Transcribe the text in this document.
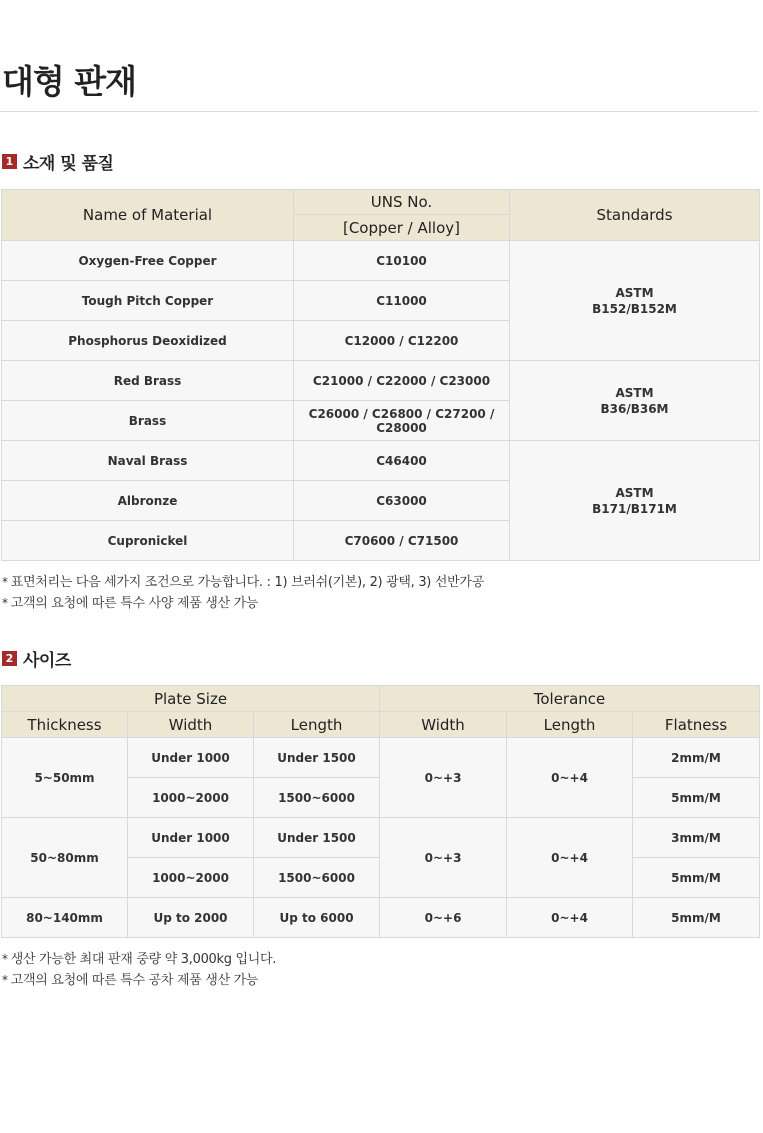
대형 판재
1 소재 및 품질
Name of Material	UNS No.	Standards
	[Copper / Alloy]	
Oxygen-Free Copper	C10100	ASTM
B152/B152M

Tough Pitch Copper	C11000	
Phosphorus Deoxidized	C12000 / C12200	
Red Brass	C21000 / C22000 / C23000	ASTM
B36/B36M

Brass	C26000 / C26800 / C27200 / C28000	
Naval Brass	C46400	ASTM
B171/B171M

Albronze	C63000	
Cupronickel	C70600 / C71500	
* 표면처리는 다음 세가지 조건으로 가능합니다. : 1) 브러쉬(기본), 2) 광택, 3) 선반가공
* 고객의 요청에 따른 특수 사양 제품 생산 가능
2 사이즈
Plate Size			Tolerance		
Thickness	Width	Length	Width	Length	Flatness
5~50mm	Under 1000	Under 1500	0~+3	0~+4	2mm/M
	1000~2000	1500~6000			5mm/M
50~80mm	Under 1000	Under 1500	0~+3	0~+4	3mm/M
	1000~2000	1500~6000			5mm/M
80~140mm	Up to 2000	Up to 6000	0~+6	0~+4	5mm/M
* 생산 가능한 최대 판재 중량 약 3,000kg 입니다.
* 고객의 요청에 따른 특수 공차 제품 생산 가능
